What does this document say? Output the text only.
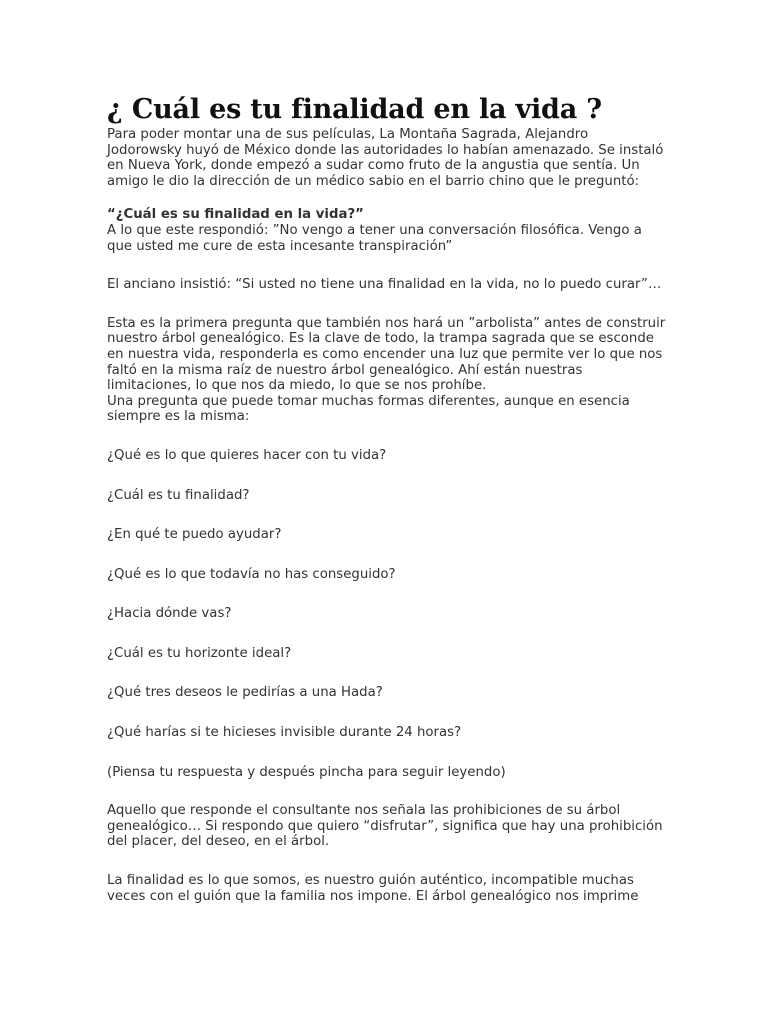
¿ Cuál es tu finalidad en la vida ?

Para poder montar una de sus películas, La Montaña Sagrada, Alejandro Jodorowsky huyó de México donde las autoridades lo habían amenazado. Se instaló en Nueva York, donde empezó a sudar como fruto de la angustia que sentía. Un amigo le dio la dirección de un médico sabio en el barrio chino que le preguntó:

“¿Cuál es su finalidad en la vida?”

A lo que este respondió: ”No vengo a tener una conversación filosófica. Vengo a que usted me cure de esta incesante transpiración”

El anciano insistió: “Si usted no tiene una finalidad en la vida, no lo puedo curar”…

Esta es la primera pregunta que también nos hará un ”arbolista” antes de construir nuestro árbol genealógico. Es la clave de todo, la trampa sagrada que se esconde en nuestra vida, responderla es como encender una luz que permite ver lo que nos faltó en la misma raíz de nuestro árbol genealógico. Ahí están nuestras limitaciones, lo que nos da miedo, lo que se nos prohíbe.

Una pregunta que puede tomar muchas formas diferentes, aunque en esencia siempre es la misma:

¿Qué es lo que quieres hacer con tu vida?

¿Cuál es tu finalidad?

¿En qué te puedo ayudar?

¿Qué es lo que todavía no has conseguido?

¿Hacia dónde vas?

¿Cuál es tu horizonte ideal?

¿Qué tres deseos le pedirías a una Hada?

¿Qué harías si te hicieses invisible durante 24 horas?

(Piensa tu respuesta y después pincha para seguir leyendo)

Aquello que responde el consultante nos señala las prohibiciones de su árbol genealógico… Si respondo que quiero “disfrutar”, significa que hay una prohibición del placer, del deseo, en el árbol.

La finalidad es lo que somos, es nuestro guión auténtico, incompatible muchas veces con el guión que la familia nos impone. El árbol genealógico nos imprime
